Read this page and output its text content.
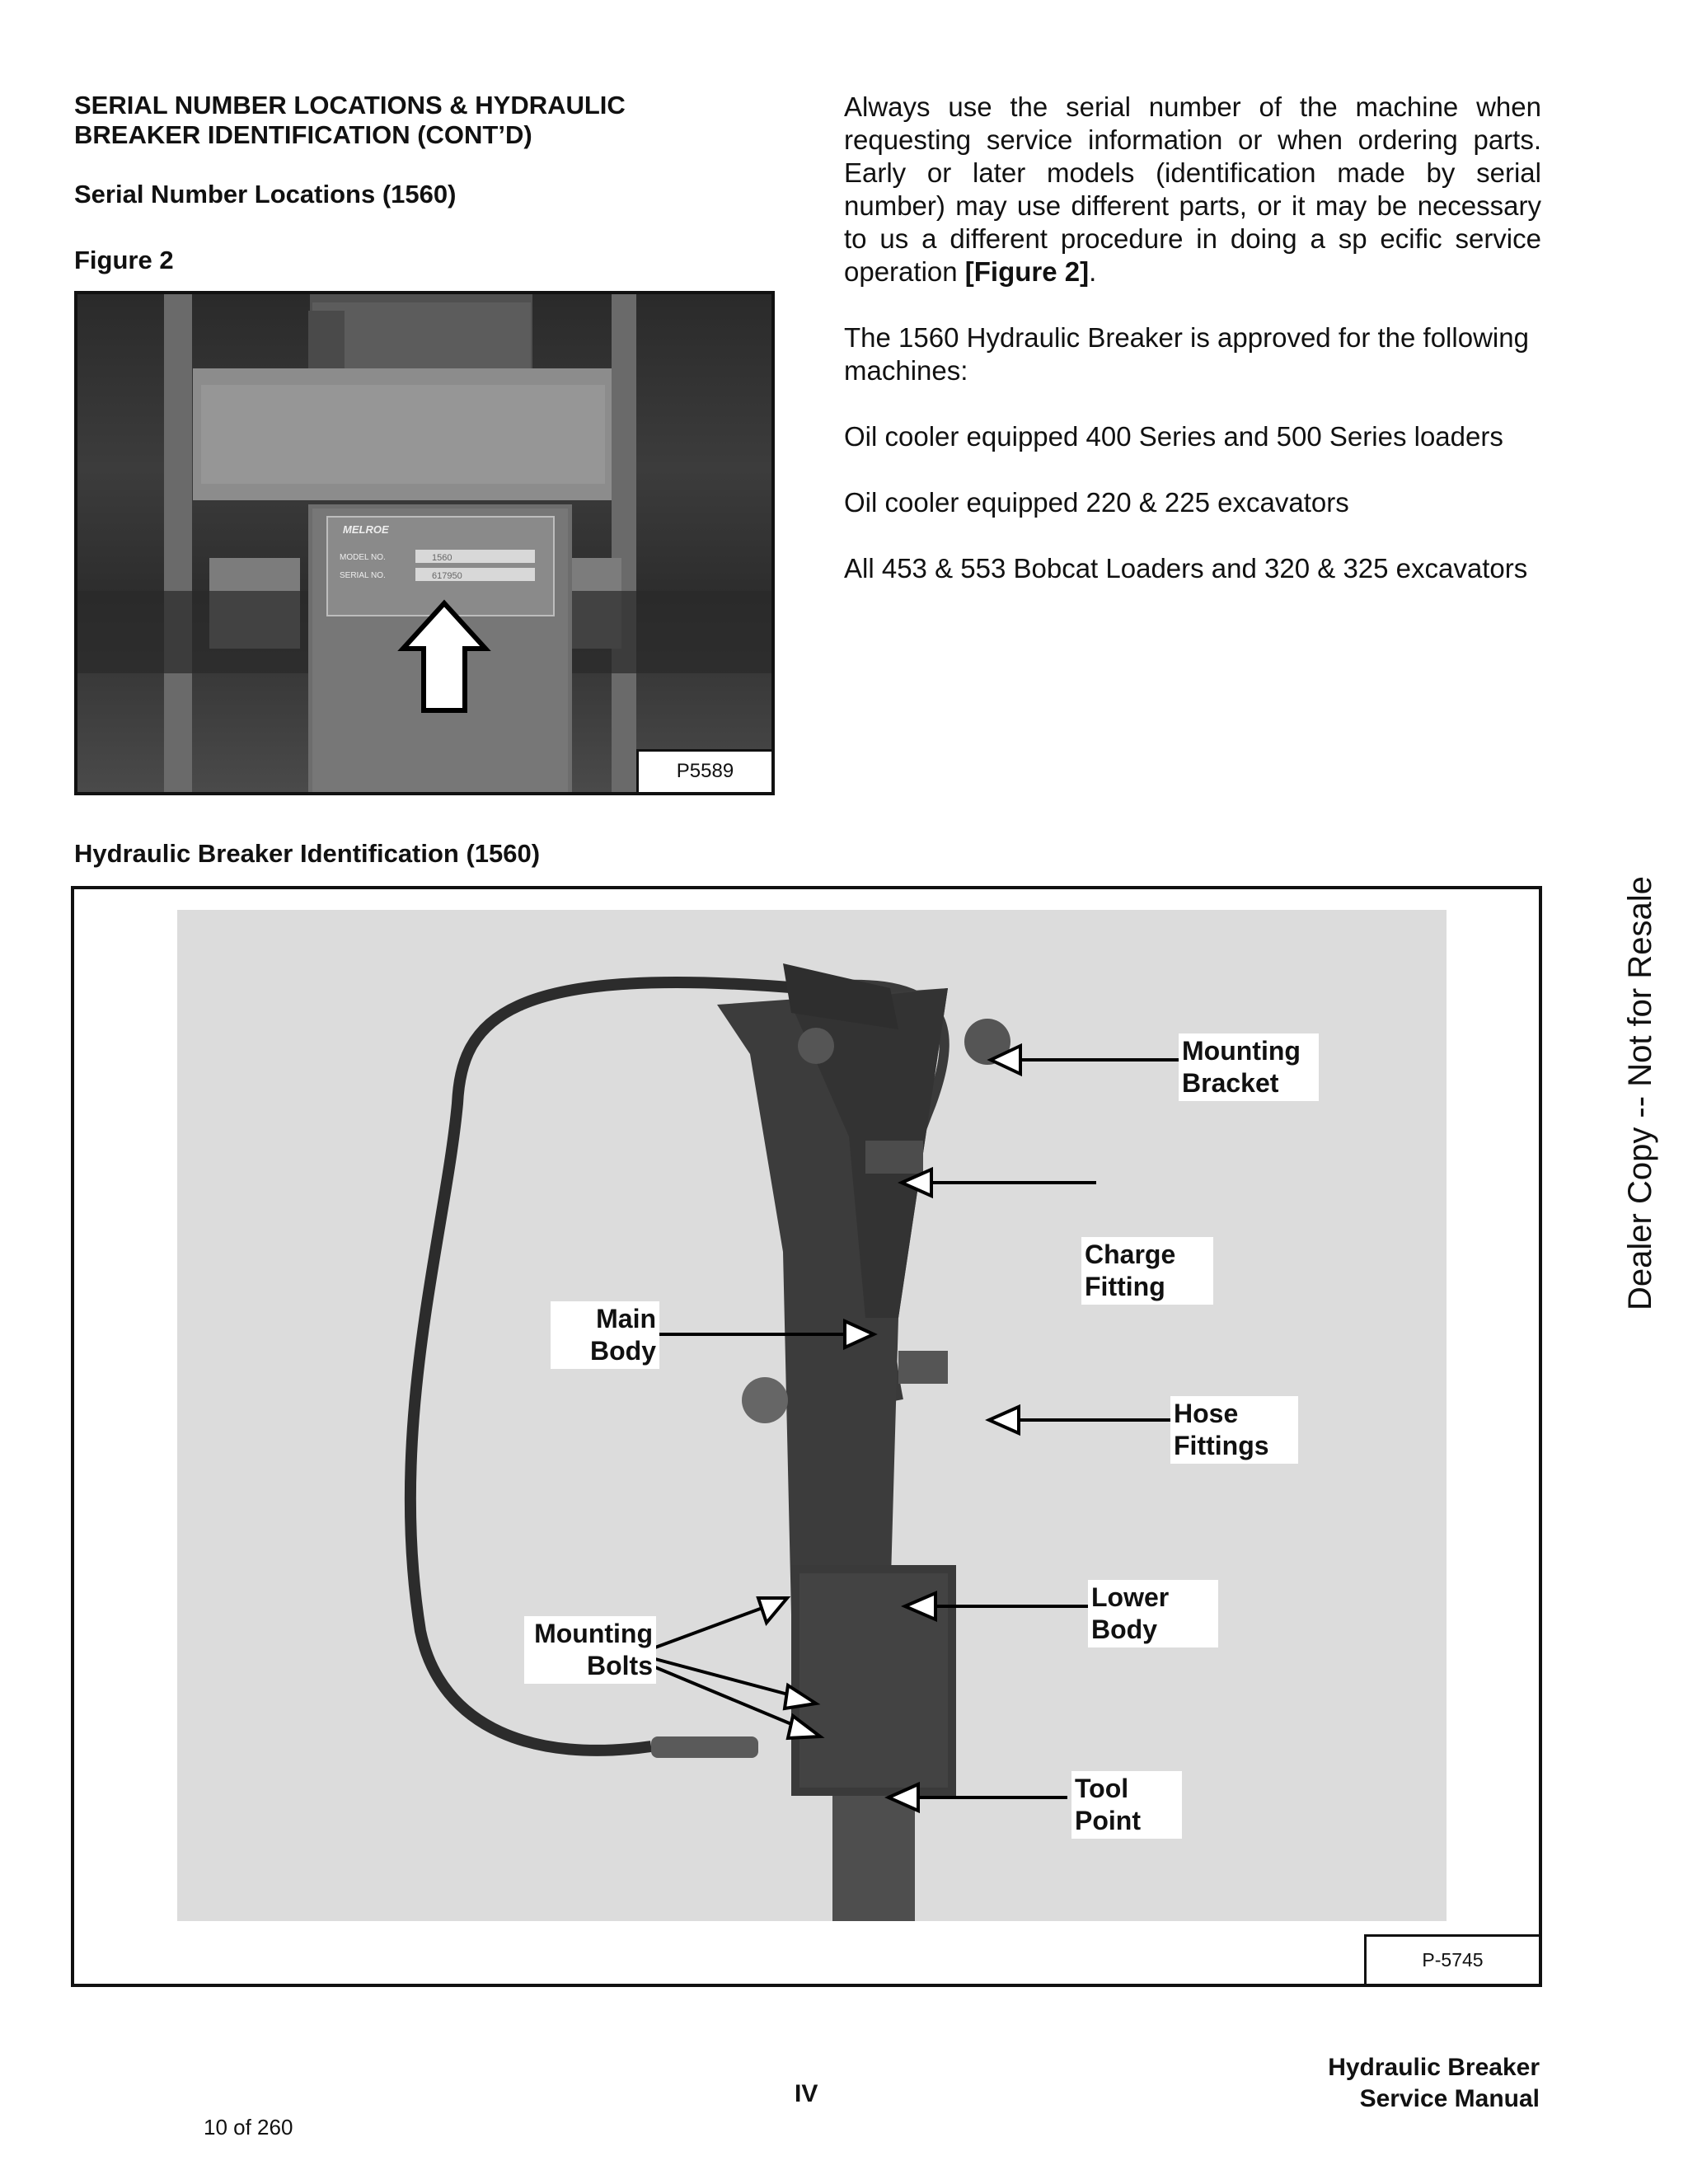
SERIAL NUMBER LOCATIONS & HYDRAULIC
BREAKER IDENTIFICATION (CONT’D)
Serial Number Locations (1560)
Figure 2
MELROE
MODEL NO.	1560
SERIAL NO.	617950
P5589

Always use the serial number of the machine when requesting service information or when ordering parts. Early or later models (identification made by serial number) may use different parts, or it may be necessary to us a different procedure in doing a sp ecific service operation [Figure 2].

The 1560 Hydraulic Breaker is approved for the following machines:

Oil cooler equipped 400 Series and 500 Series loaders

Oil cooler equipped 220 & 225 excavators

All 453 & 553 Bobcat Loaders and 320 & 325 excavators

Hydraulic Breaker Identification (1560)
Mounting
Bracket
Charge
Fitting
Main
Body
Hose
Fittings
Lower
Body
Mounting
Bolts
Tool
Point
P-5745
Dealer Copy -- Not for Resale
IV
10 of 260
Hydraulic Breaker
Service Manual
